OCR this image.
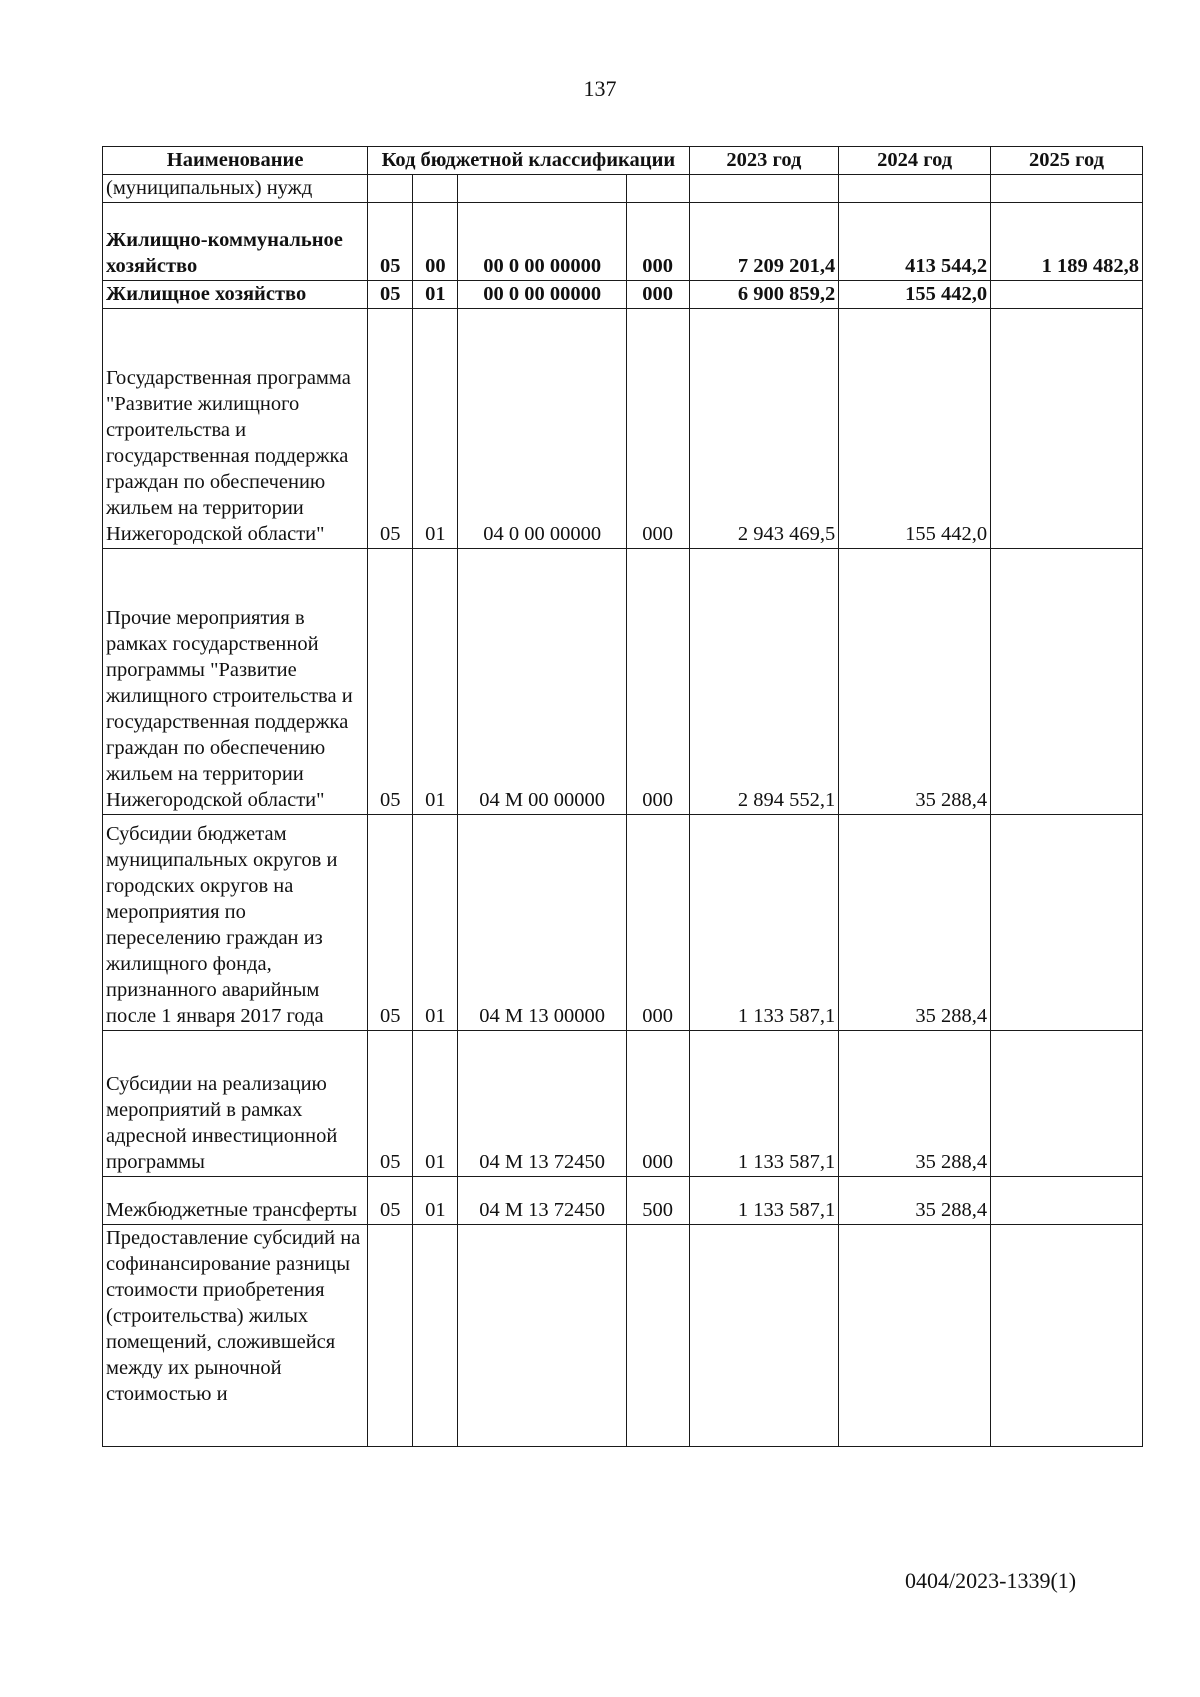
137
Наименование	Код бюджетной классификации				2023 год	2024 год	2025 год
(муниципальных) нужд							
Жилищно-коммунальное хозяйство	05	00	00 0 00 00000	000	7 209 201,4	413 544,2	1 189 482,8
Жилищное хозяйство	05	01	00 0 00 00000	000	6 900 859,2	155 442,0	
Государственная программа "Развитие жилищного строительства и государственная поддержка граждан по обеспечению жильем на территории Нижегородской области"	05	01	04 0 00 00000	000	2 943 469,5	155 442,0	
Прочие мероприятия в рамках государственной программы "Развитие жилищного строительства и государственная поддержка граждан по обеспечению жильем на территории Нижегородской области"	05	01	04 М 00 00000	000	2 894 552,1	35 288,4	
Субсидии бюджетам муниципальных округов и городских округов на мероприятия по переселению граждан из жилищного фонда, признанного аварийным после 1 января 2017 года	05	01	04 М 13 00000	000	1 133 587,1	35 288,4	
Субсидии на реализацию мероприятий в рамках адресной инвестиционной программы	05	01	04 М 13 72450	000	1 133 587,1	35 288,4	
Межбюджетные трансферты	05	01	04 М 13 72450	500	1 133 587,1	35 288,4	
Предоставление субсидий на софинансирование разницы стоимости приобретения (строительства) жилых помещений, сложившейся между их рыночной стоимостью и							
0404/2023-1339(1)
